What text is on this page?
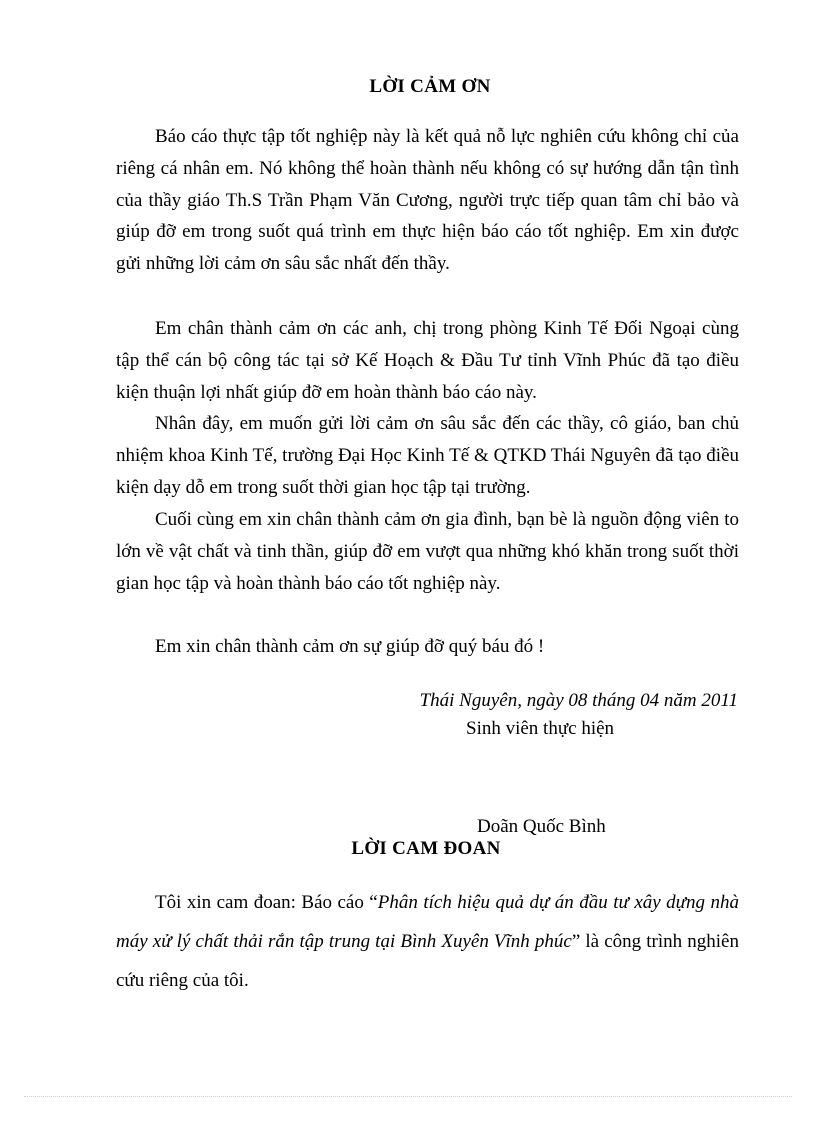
LỜI CẢM ƠN

Báo cáo thực tập tốt nghiệp này là kết quả nỗ lực nghiên cứu không chỉ của riêng cá nhân em. Nó không thể hoàn thành nếu không có sự hướng dẫn tận tình của thầy giáo Th.S Trần Phạm Văn Cương, người trực tiếp quan tâm chỉ bảo và giúp đỡ em trong suốt quá trình em thực hiện báo cáo tốt nghiệp. Em xin được gửi những lời cảm ơn sâu sắc nhất đến thầy.

Em chân thành cảm ơn các anh, chị trong phòng Kinh Tế Đối Ngoại cùng tập thể cán bộ công tác tại sở Kế Hoạch & Đầu Tư tỉnh Vĩnh Phúc đã tạo điều kiện thuận lợi nhất giúp đỡ em hoàn thành báo cáo này.

Nhân đây, em muốn gửi lời cảm ơn sâu sắc đến các thầy, cô giáo, ban chủ nhiệm khoa Kinh Tế, trường Đại Học Kinh Tế & QTKD Thái Nguyên đã tạo điều kiện dạy dỗ em trong suốt thời gian học tập tại trường.

Cuối cùng em xin chân thành cảm ơn gia đình, bạn bè là nguồn động viên to lớn về vật chất và tinh thần, giúp đỡ em vượt qua những khó khăn trong suốt thời gian học tập và hoàn thành báo cáo tốt nghiệp này.

Em xin chân thành cảm ơn sự giúp đỡ quý báu đó !

Thái Nguyên, ngày 08 tháng 04 năm 2011
Sinh viên thực hiện
Doãn Quốc Bình
LỜI CAM ĐOAN

Tôi xin cam đoan: Báo cáo “Phân tích hiệu quả dự án đầu tư xây dựng nhà máy xử lý chất thải rắn tập trung tại Bình Xuyên Vĩnh phúc” là công trình nghiên cứu riêng của tôi.
